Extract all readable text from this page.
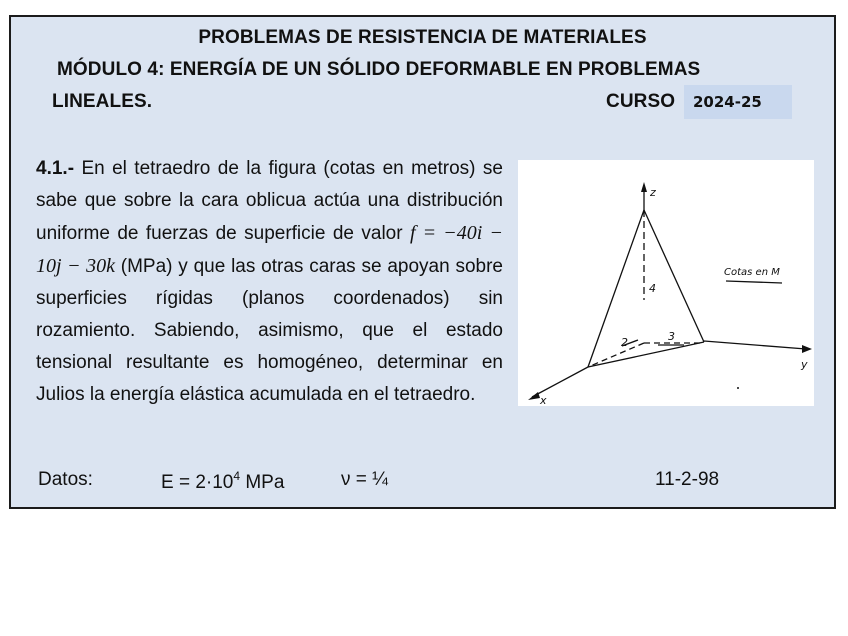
PROBLEMAS DE RESISTENCIA DE MATERIALES
MÓDULO 4: ENERGÍA DE UN SÓLIDO DEFORMABLE EN PROBLEMAS
LINEALES.	CURSO	2024-25
4.1.- En el tetraedro de la figura (cotas en metros) se sabe que sobre la cara oblicua actúa una distribución uniforme de fuerzas de superficie de valor f = −40i − 10j − 30k (MPa) y que las otras caras se apoyan sobre superficies rígidas (planos coordenados) sin rozamiento. Sabiendo, asimismo, que el estado tensional resultante es homogéneo, determinar en Julios la energía elástica acumulada en el tetraedro.
z
y
x
4
3
2
Cotas en M
Datos:	$E = 2\cdot 10^4$ MPa	ν = ¼	11-2-98
